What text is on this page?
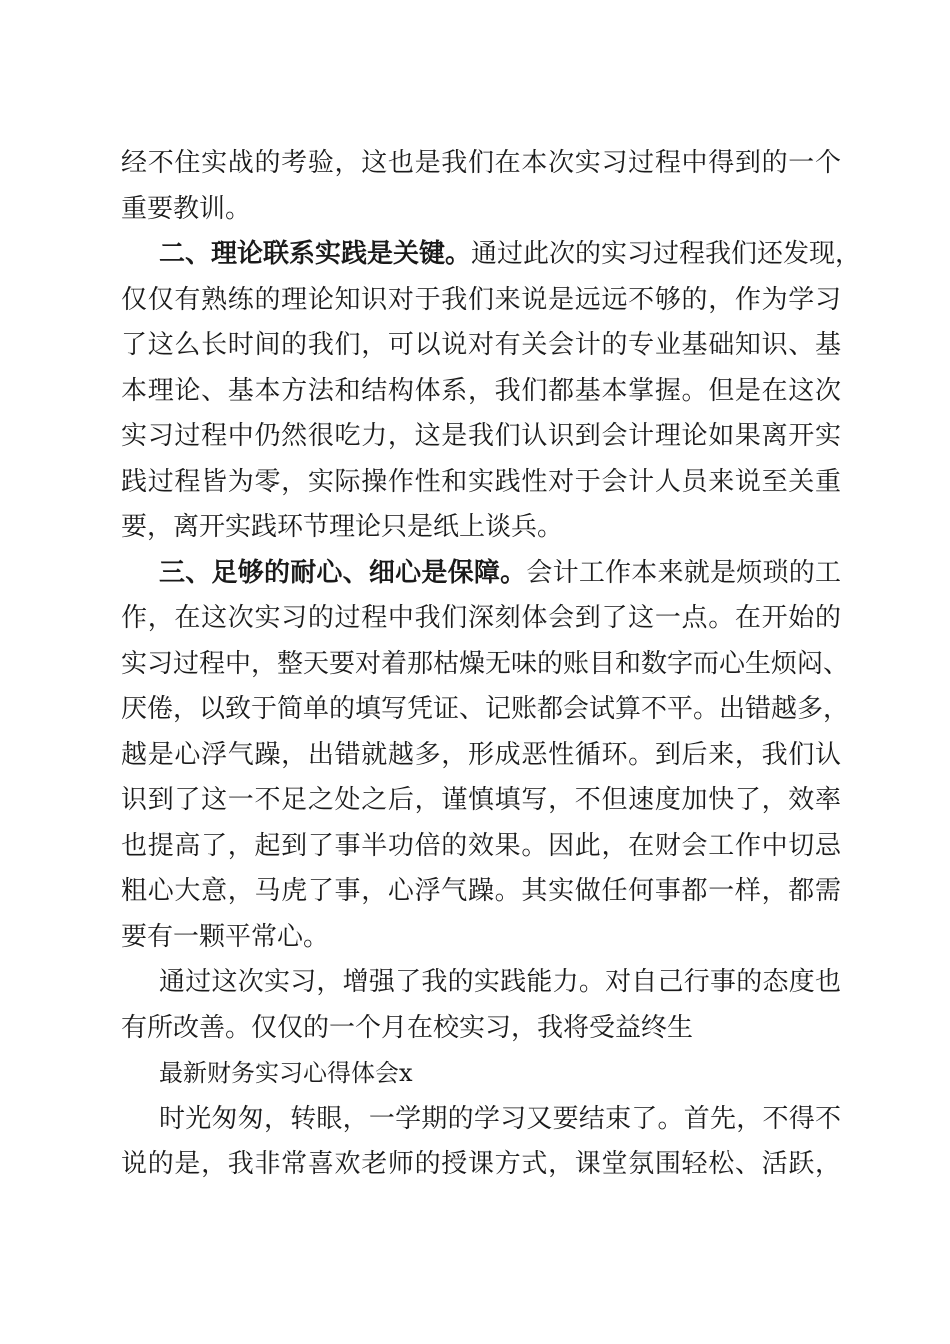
经不住实战的考验，这也是我们在本次实习过程中得到的一个
重要教训。
二、理论联系实践是关键。通过此次的实习过程我们还发现，
仅仅有熟练的理论知识对于我们来说是远远不够的，作为学习
了这么长时间的我们，可以说对有关会计的专业基础知识、基
本理论、基本方法和结构体系，我们都基本掌握。但是在这次
实习过程中仍然很吃力，这是我们认识到会计理论如果离开实
践过程皆为零，实际操作性和实践性对于会计人员来说至关重
要，离开实践环节理论只是纸上谈兵。
三、足够的耐心、细心是保障。会计工作本来就是烦琐的工
作，在这次实习的过程中我们深刻体会到了这一点。在开始的
实习过程中，整天要对着那枯燥无味的账目和数字而心生烦闷、
厌倦，以致于简单的填写凭证、记账都会试算不平。出错越多，
越是心浮气躁，出错就越多，形成恶性循环。到后来，我们认
识到了这一不足之处之后，谨慎填写，不但速度加快了，效率
也提高了，起到了事半功倍的效果。因此，在财会工作中切忌
粗心大意，马虎了事，心浮气躁。其实做任何事都一样，都需
要有一颗平常心。
通过这次实习，增强了我的实践能力。对自己行事的态度也
有所改善。仅仅的一个月在校实习，我将受益终生
最新财务实习心得体会x
时光匆匆，转眼，一学期的学习又要结束了。首先，不得不
说的是，我非常喜欢老师的授课方式，课堂氛围轻松、活跃，
